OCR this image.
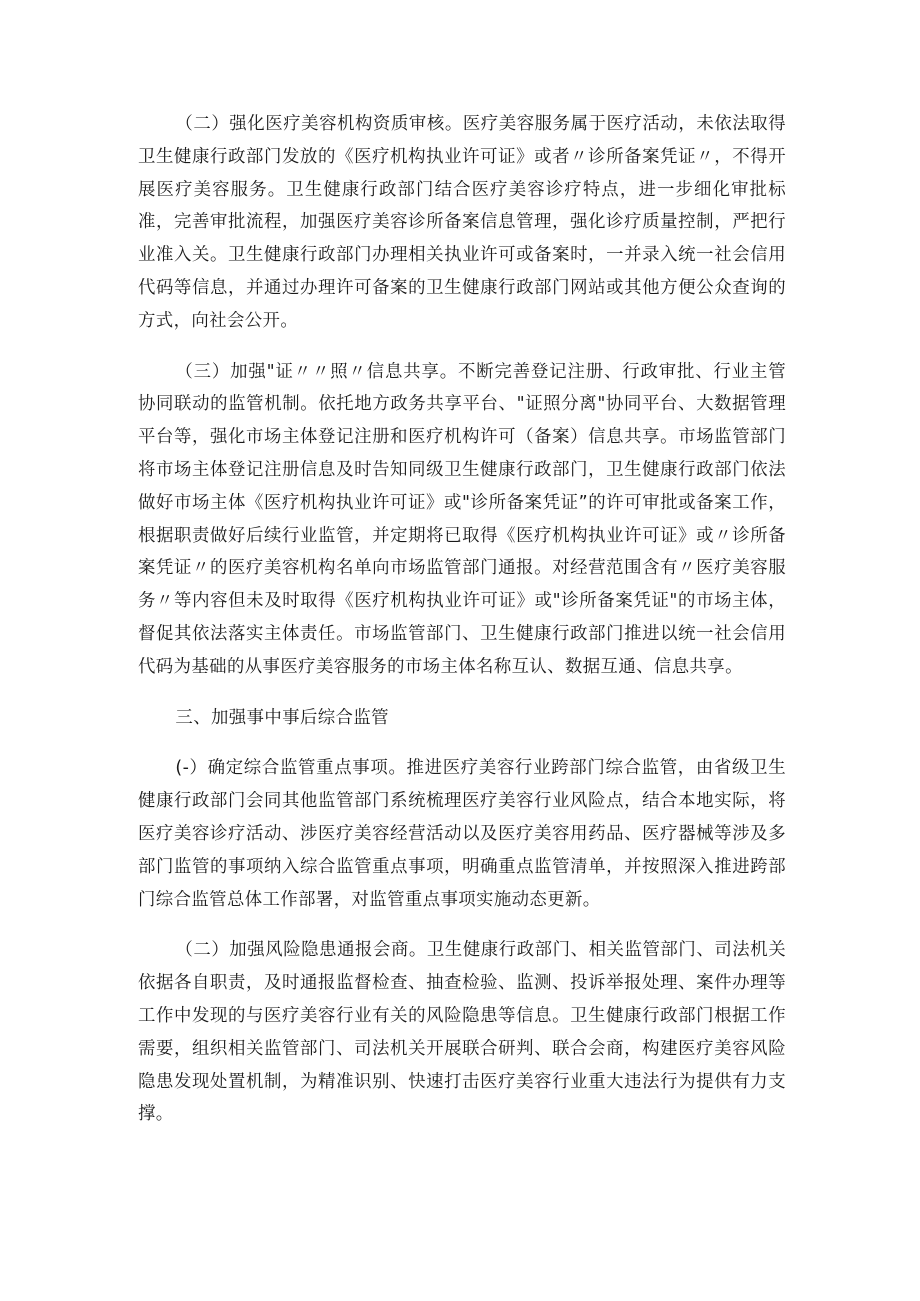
（二）强化医疗美容机构资质审核。医疗美容服务属于医疗活动，未依法取得卫生健康行政部门发放的《医疗机构执业许可证》或者〃诊所备案凭证〃，不得开展医疗美容服务。卫生健康行政部门结合医疗美容诊疗特点，进一步细化审批标准，完善审批流程，加强医疗美容诊所备案信息管理，强化诊疗质量控制，严把行业准入关。卫生健康行政部门办理相关执业许可或备案时，一并录入统一社会信用代码等信息，并通过办理许可备案的卫生健康行政部门网站或其他方便公众查询的方式，向社会公开。

（三）加强"证〃〃照〃信息共享。不断完善登记注册、行政审批、行业主管协同联动的监管机制。依托地方政务共享平台、"证照分离"协同平台、大数据管理平台等，强化市场主体登记注册和医疗机构许可（备案）信息共享。市场监管部门将市场主体登记注册信息及时告知同级卫生健康行政部门，卫生健康行政部门依法做好市场主体《医疗机构执业许可证》或"诊所备案凭证”的许可审批或备案工作，根据职责做好后续行业监管，并定期将已取得《医疗机构执业许可证》或〃诊所备案凭证〃的医疗美容机构名单向市场监管部门通报。对经营范围含有〃医疗美容服务〃等内容但未及时取得《医疗机构执业许可证》或"诊所备案凭证"的市场主体，督促其依法落实主体责任。市场监管部门、卫生健康行政部门推进以统一社会信用代码为基础的从事医疗美容服务的市场主体名称互认、数据互通、信息共享。

三、加强事中事后综合监管

(-）确定综合监管重点事项。推进医疗美容行业跨部门综合监管，由省级卫生健康行政部门会同其他监管部门系统梳理医疗美容行业风险点，结合本地实际，将医疗美容诊疗活动、涉医疗美容经营活动以及医疗美容用药品、医疗器械等涉及多部门监管的事项纳入综合监管重点事项，明确重点监管清单，并按照深入推进跨部门综合监管总体工作部署，对监管重点事项实施动态更新。

（二）加强风险隐患通报会商。卫生健康行政部门、相关监管部门、司法机关依据各自职责，及时通报监督检查、抽查检验、监测、投诉举报处理、案件办理等工作中发现的与医疗美容行业有关的风险隐患等信息。卫生健康行政部门根据工作需要，组织相关监管部门、司法机关开展联合研判、联合会商，构建医疗美容风险隐患发现处置机制，为精准识别、快速打击医疗美容行业重大违法行为提供有力支撑。
